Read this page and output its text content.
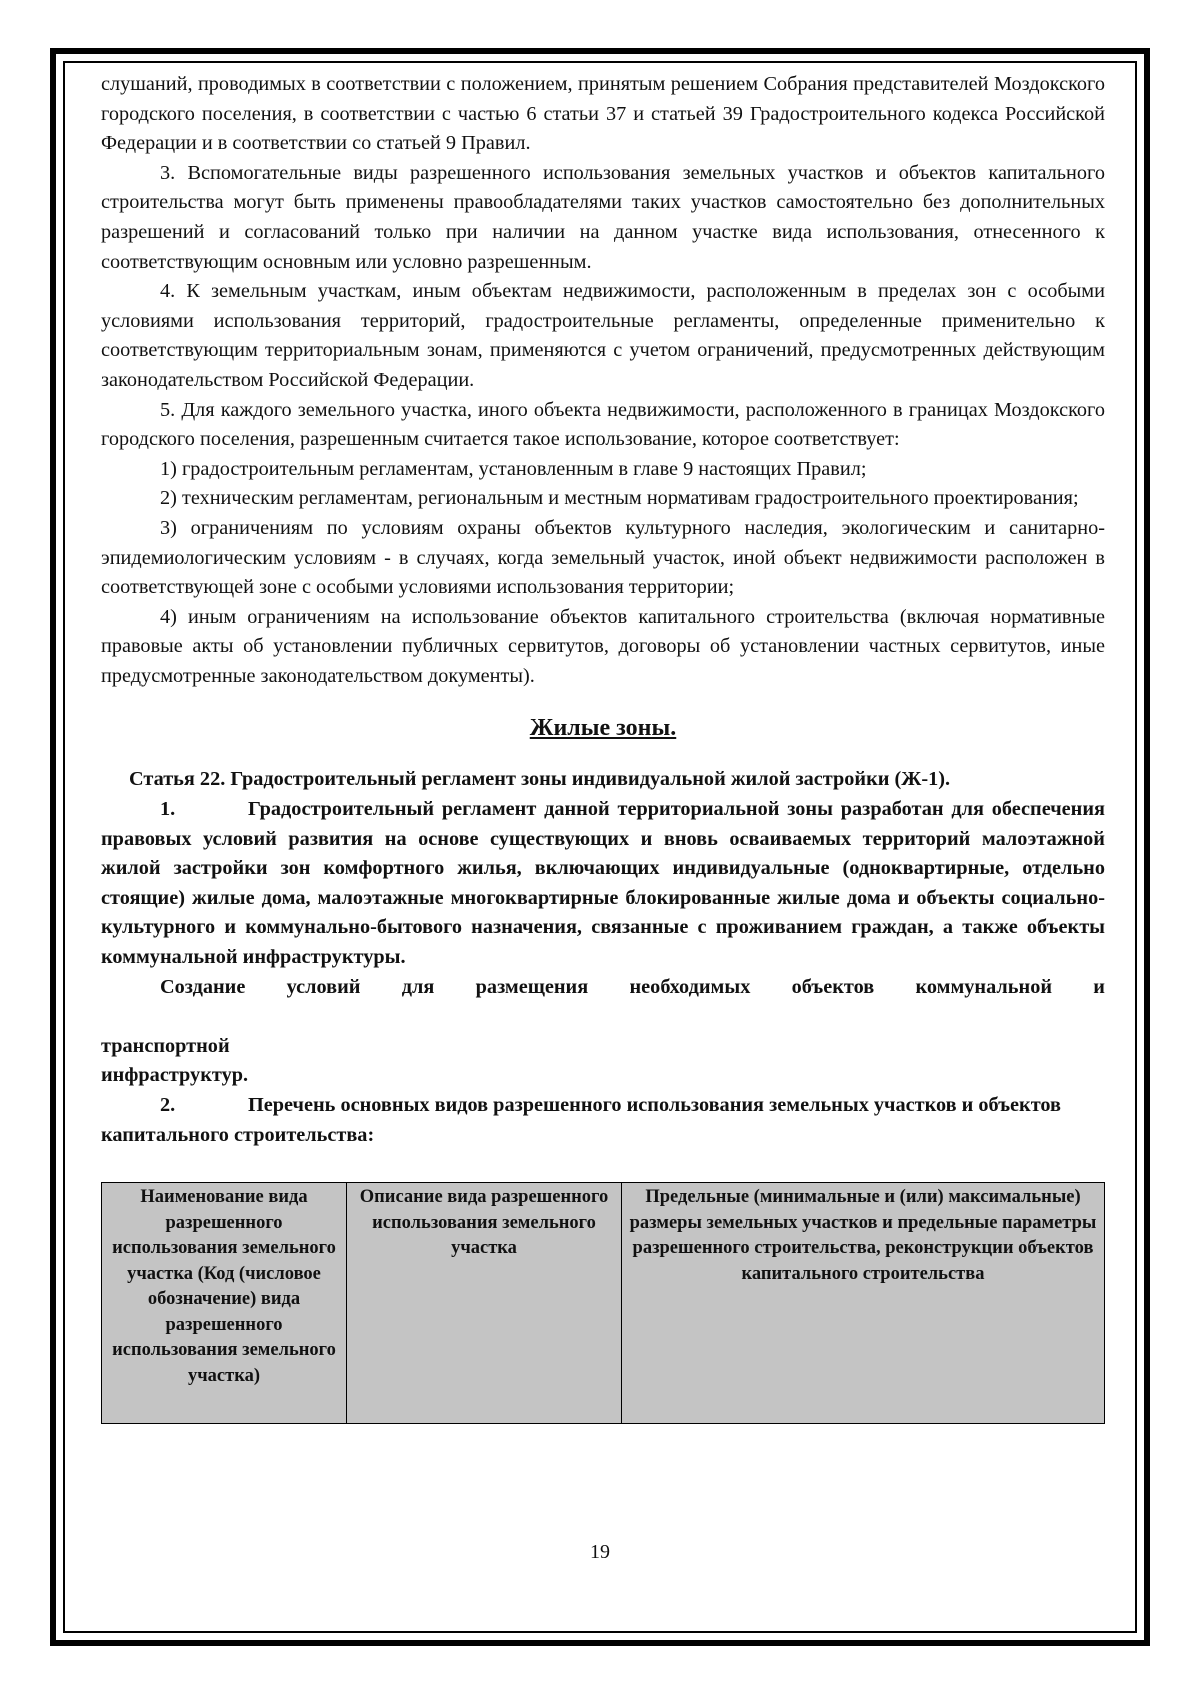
слушаний, проводимых в соответствии с положением, принятым решением Собрания представителей Моздокского городского поселения, в соответствии с частью 6 статьи 37 и статьей 39 Градостроительного кодекса Российской Федерации и в соответствии со статьей 9 Правил.

3. Вспомогательные виды разрешенного использования земельных участков и объектов капитального строительства могут быть применены правообладателями таких участков самостоятельно без дополнительных разрешений и согласований только при наличии на данном участке вида использования, отнесенного к соответствующим основным или условно разрешенным.

4. К земельным участкам, иным объектам недвижимости, расположенным в пределах зон с особыми условиями использования территорий, градостроительные регламенты, определенные применительно к соответствующим территориальным зонам, применяются с учетом ограничений, предусмотренных действующим законодательством Российской Федерации.

5. Для каждого земельного участка, иного объекта недвижимости, расположенного в границах Моздокского городского поселения, разрешенным считается такое использование, которое соответствует:

1) градостроительным регламентам, установленным в главе 9 настоящих Правил;

2) техническим регламентам, региональным и местным нормативам градостроительного проектирования;

3) ограничениям по условиям охраны объектов культурного наследия, экологическим и санитарно-эпидемиологическим условиям - в случаях, когда земельный участок, иной объект недвижимости расположен в соответствующей зоне с особыми условиями использования территории;

4) иным ограничениям на использование объектов капитального строительства (включая нормативные правовые акты об установлении публичных сервитутов, договоры об установлении частных сервитутов, иные предусмотренные законодательством документы).

Жилые зоны.

Статья 22. Градостроительный регламент зоны индивидуальной жилой застройки (Ж-1).

1.	Градостроительный регламент данной территориальной зоны разработан для обеспечения правовых условий развития на основе существующих и вновь осваиваемых территорий малоэтажной жилой застройки зон комфортного жилья, включающих индивидуальные (одноквартирные, отдельно стоящие) жилые дома, малоэтажные многоквартирные блокированные жилые дома и объекты социально-культурного и коммунально-бытового назначения, связанные с проживанием граждан, а также объекты коммунальной инфраструктуры.

Создание условий для размещения необходимых объектов коммунальной и

транспортной

инфраструктур.

2.	Перечень основных видов разрешенного использования земельных участков и объектов капитального строительства:

Наименование вида разрешенного использования земельного участка (Код (числовое обозначение) вида разрешенного использования земельного участка)	Описание вида разрешенного использования земельного участка	Предельные (минимальные и (или) максимальные) размеры земельных участков и предельные параметры разрешенного строительства, реконструкции объектов капитального строительства
19
